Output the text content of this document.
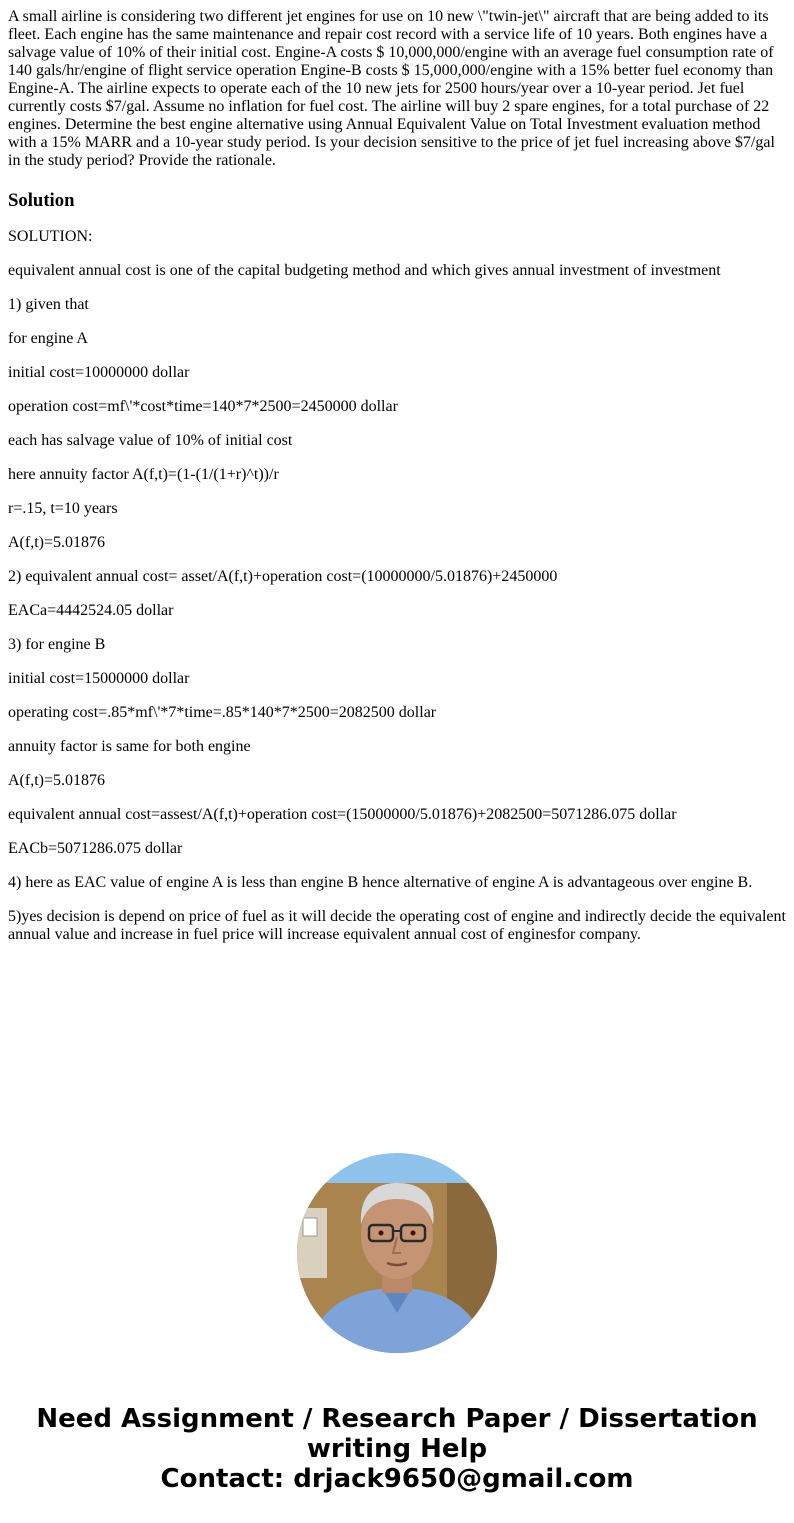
A small airline is considering two different jet engines for use on 10 new \"twin-jet\" aircraft that are being added to its fleet. Each engine has the same maintenance and repair cost record with a service life of 10 years. Both engines have a salvage value of 10% of their initial cost. Engine-A costs $ 10,000,000/engine with an average fuel consumption rate of 140 gals/hr/engine of flight service operation Engine-B costs $ 15,000,000/engine with a 15% better fuel economy than Engine-A. The airline expects to operate each of the 10 new jets for 2500 hours/year over a 10-year period. Jet fuel currently costs $7/gal. Assume no inflation for fuel cost. The airline will buy 2 spare engines, for a total purchase of 22 engines. Determine the best engine alternative using Annual Equivalent Value on Total Investment evaluation method with a 15% MARR and a 10-year study period. Is your decision sensitive to the price of jet fuel increasing above $7/gal in the study period? Provide the rationale.

Solution

SOLUTION:

equivalent annual cost is one of the capital budgeting method and which gives annual investment of investment

1) given that

for engine A

initial cost=10000000 dollar

operation cost=mf\'*cost*time=140*7*2500=2450000 dollar

each has salvage value of 10% of initial cost

here annuity factor A(f,t)=(1-(1/(1+r)^t))/r

r=.15, t=10 years

A(f,t)=5.01876

2) equivalent annual cost= asset/A(f,t)+operation cost=(10000000/5.01876)+2450000

EACa=4442524.05 dollar

3) for engine B

initial cost=15000000 dollar

operating cost=.85*mf\'*7*time=.85*140*7*2500=2082500 dollar

annuity factor is same for both engine

A(f,t)=5.01876

equivalent annual cost=assest/A(f,t)+operation cost=(15000000/5.01876)+2082500=5071286.075 dollar

EACb=5071286.075 dollar

4) here as EAC value of engine A is less than engine B hence alternative of engine A is advantageous over engine B.

5)yes decision is depend on price of fuel as it will decide the operating cost of engine and indirectly decide the equivalent annual value and increase in fuel price will increase equivalent annual cost of enginesfor company.

Need Assignment / Research Paper / Dissertation
writing Help
Contact: drjack9650@gmail.com
